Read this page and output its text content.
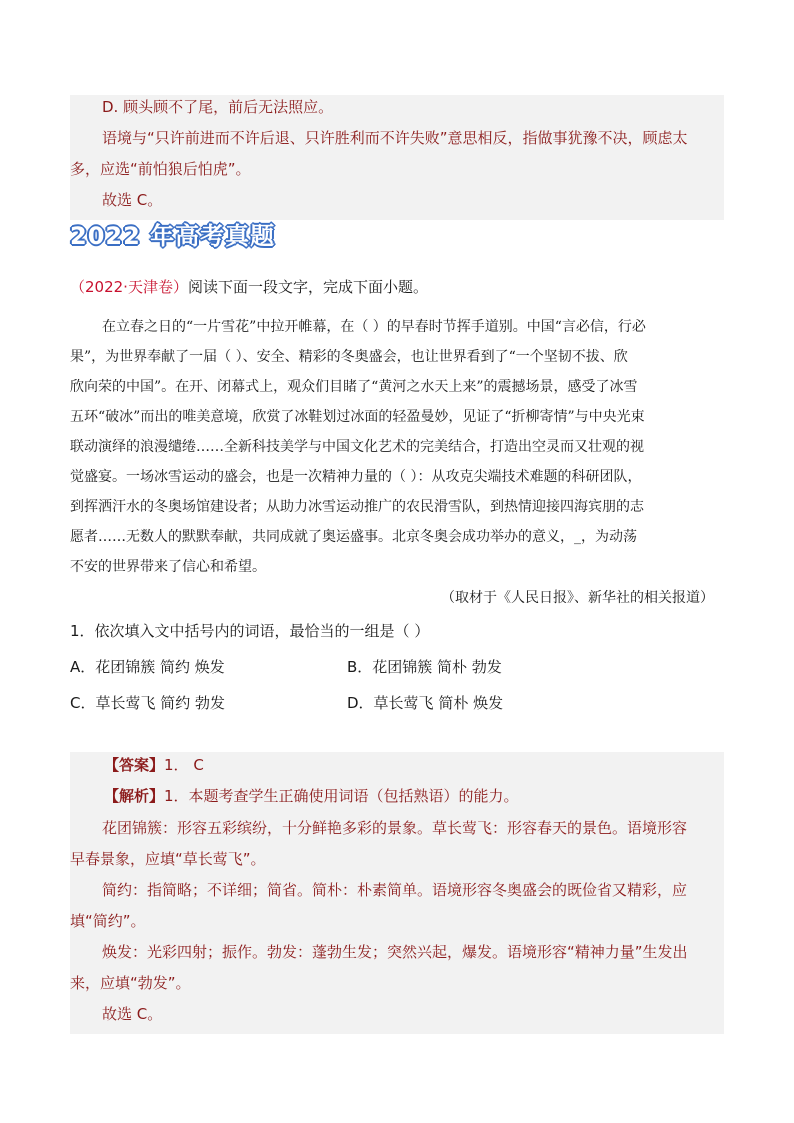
D. 顾头顾不了尾，前后无法照应。
语境与“只许前进而不许后退、只许胜利而不许失败”意思相反，指做事犹豫不决，顾虑太
多，应选“前怕狼后怕虎”。
故选 C。
2022 年高考真题
（2022·天津卷）阅读下面一段文字，完成下面小题。
在立春之日的“一片雪花”中拉开帷幕，在（ ）的早春时节挥手道别。中国“言必信，行必
果”，为世界奉献了一届（ ）、安全、精彩的冬奥盛会，也让世界看到了“一个坚韧不拔、欣
欣向荣的中国”。在开、闭幕式上，观众们目睹了“黄河之水天上来”的震撼场景，感受了冰雪
五环“破冰”而出的唯美意境，欣赏了冰鞋划过冰面的轻盈曼妙，见证了“折柳寄情”与中央光束
联动演绎的浪漫缱绻……全新科技美学与中国文化艺术的完美结合，打造出空灵而又壮观的视
觉盛宴。一场冰雪运动的盛会，也是一次精神力量的（ ）：从攻克尖端技术难题的科研团队，
到挥洒汗水的冬奥场馆建设者；从助力冰雪运动推广的农民滑雪队，到热情迎接四海宾朋的志
愿者……无数人的默默奉献，共同成就了奥运盛事。北京冬奥会成功举办的意义，_，为动荡
不安的世界带来了信心和希望。
（取材于《人民日报》、新华社的相关报道）
1．依次填入文中括号内的词语，最恰当的一组是（ ）
A．花团锦簇 简约 焕发	B．花团锦簇 简朴 勃发
C．草长莺飞 简约 勃发	D．草长莺飞 简朴 焕发
【答案】1． C
【解析】1．本题考查学生正确使用词语（包括熟语）的能力。
花团锦簇：形容五彩缤纷，十分鲜艳多彩的景象。草长莺飞：形容春天的景色。语境形容
早春景象，应填“草长莺飞”。
简约：指简略；不详细；简省。简朴：朴素简单。语境形容冬奥盛会的既俭省又精彩，应
填“简约”。
焕发：光彩四射；振作。勃发：蓬勃生发；突然兴起，爆发。语境形容“精神力量”生发出
来，应填“勃发”。
故选 C。
